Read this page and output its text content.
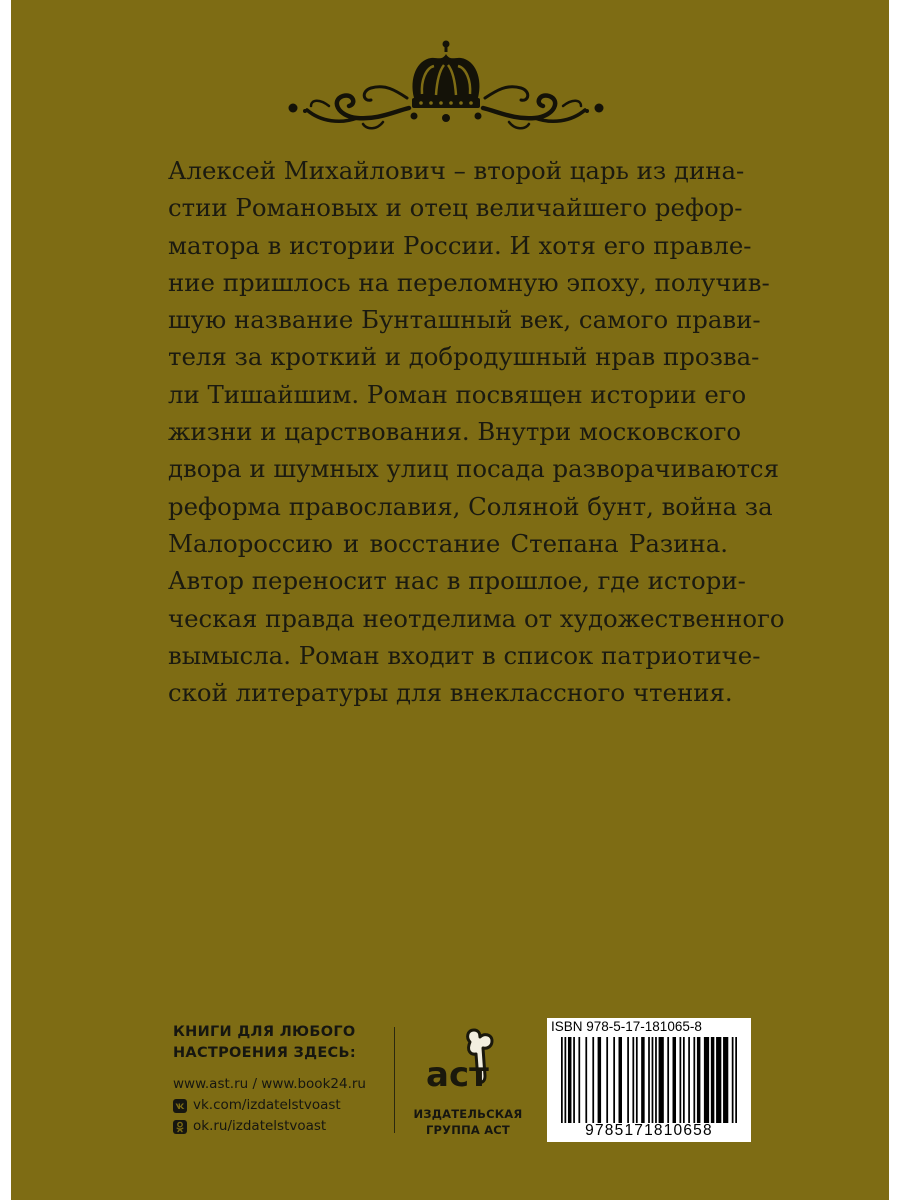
Алексей Михайлович – второй царь из дина-
стии Романовых и отец величайшего рефор-
матора в истории России. И хотя его правле-
ние пришлось на переломную эпоху, получив-
шую название Бунташный век, самого прави-
теля за кроткий и добродушный нрав прозва-
ли Тишайшим. Роман посвящен истории его
жизни и царствования. Внутри московского
двора и шумных улиц посада разворачиваются
реформа православия, Соляной бунт, война за
Малороссию и восстание Степана Разина.
Автор переносит нас в прошлое, где истори-
ческая правда неотделима от художественного
вымысла. Роман входит в список патриотиче-
ской литературы для внеклассного чтения.
КНИГИ ДЛЯ ЛЮБОГО
НАСТРОЕНИЯ ЗДЕСЬ:
www.ast.ru / www.book24.ru
vk.com/izdatelstvoast
ok.ru/izdatelstvoast
аст
ИЗДАТЕЛЬСКАЯ
ГРУППА АСТ
ISBN 978-5-17-181065-8
9785171810658
